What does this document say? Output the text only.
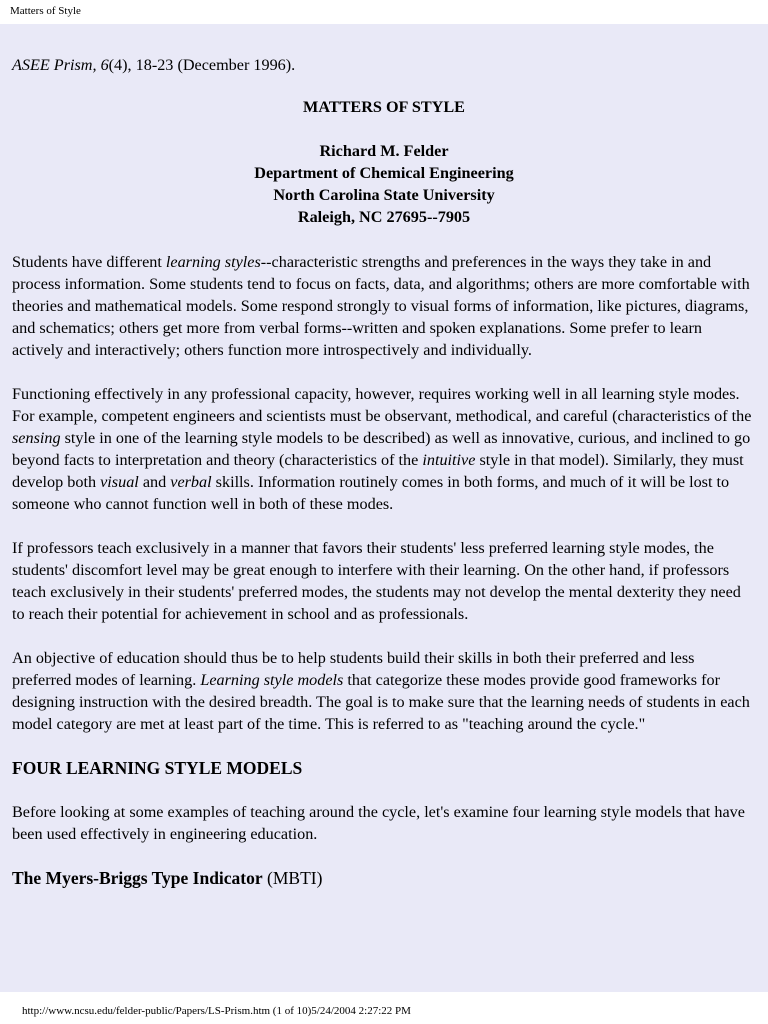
Matters of Style
ASEE Prism, 6(4), 18-23 (December 1996).
MATTERS OF STYLE
Richard M. Felder
Department of Chemical Engineering
North Carolina State University
Raleigh, NC 27695--7905

Students have different learning styles--characteristic strengths and preferences in the ways they take in and process information. Some students tend to focus on facts, data, and algorithms; others are more comfortable with theories and mathematical models. Some respond strongly to visual forms of information, like pictures, diagrams, and schematics; others get more from verbal forms--written and spoken explanations. Some prefer to learn actively and interactively; others function more introspectively and individually.

Functioning effectively in any professional capacity, however, requires working well in all learning style modes. For example, competent engineers and scientists must be observant, methodical, and careful (characteristics of the sensing style in one of the learning style models to be described) as well as innovative, curious, and inclined to go beyond facts to interpretation and theory (characteristics of the intuitive style in that model). Similarly, they must develop both visual and verbal skills. Information routinely comes in both forms, and much of it will be lost to someone who cannot function well in both of these modes.

If professors teach exclusively in a manner that favors their students' less preferred learning style modes, the students' discomfort level may be great enough to interfere with their learning. On the other hand, if professors teach exclusively in their students' preferred modes, the students may not develop the mental dexterity they need to reach their potential for achievement in school and as professionals.

An objective of education should thus be to help students build their skills in both their preferred and less preferred modes of learning. Learning style models that categorize these modes provide good frameworks for designing instruction with the desired breadth. The goal is to make sure that the learning needs of students in each model category are met at least part of the time. This is referred to as "teaching around the cycle."

FOUR LEARNING STYLE MODELS

Before looking at some examples of teaching around the cycle, let's examine four learning style models that have been used effectively in engineering education.

The Myers-Briggs Type Indicator (MBTI)
http://www.ncsu.edu/felder-public/Papers/LS-Prism.htm (1 of 10)5/24/2004 2:27:22 PM
